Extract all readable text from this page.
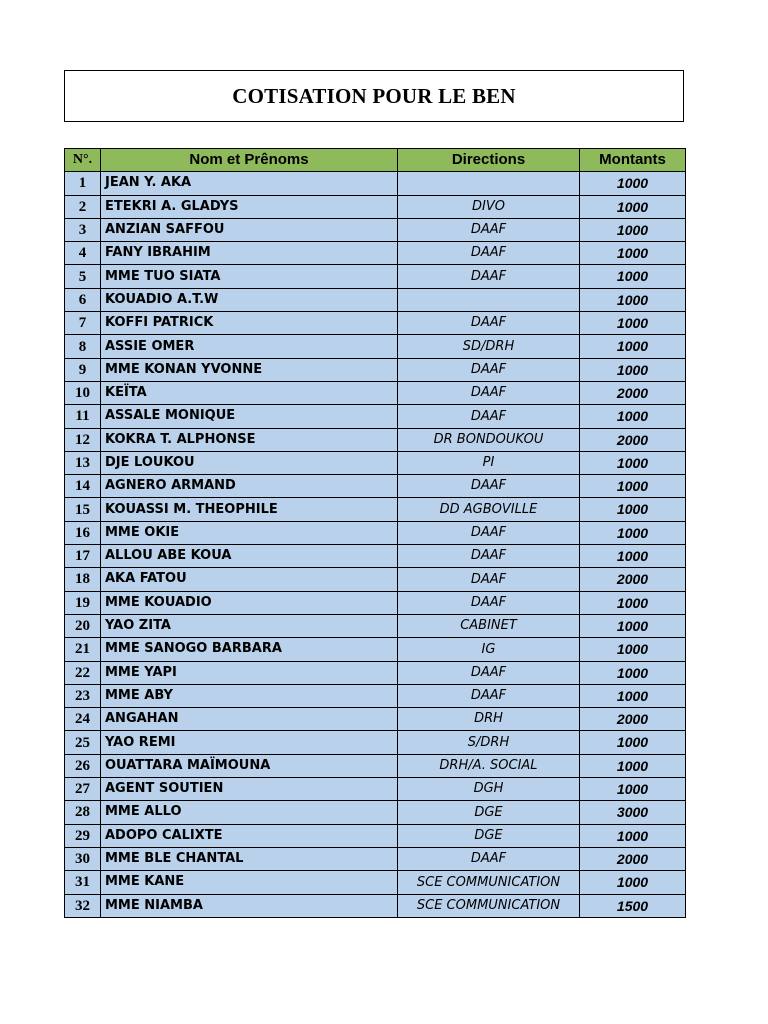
COTISATION POUR LE BEN
N°.	Nom et Prênoms	Directions	Montants
1	JEAN Y. AKA		1000
2	ETEKRI A. GLADYS	DIVO	1000
3	ANZIAN SAFFOU	DAAF	1000
4	FANY IBRAHIM	DAAF	1000
5	MME TUO SIATA	DAAF	1000
6	KOUADIO A.T.W		1000
7	KOFFI PATRICK	DAAF	1000
8	ASSIE OMER	SD/DRH	1000
9	MME KONAN YVONNE	DAAF	1000
10	KEÏTA	DAAF	2000
11	ASSALE MONIQUE	DAAF	1000
12	KOKRA T. ALPHONSE	DR BONDOUKOU	2000
13	DJE LOUKOU	PI	1000
14	AGNERO ARMAND	DAAF	1000
15	KOUASSI M. THEOPHILE	DD AGBOVILLE	1000
16	MME OKIE	DAAF	1000
17	ALLOU ABE KOUA	DAAF	1000
18	AKA FATOU	DAAF	2000
19	MME KOUADIO	DAAF	1000
20	YAO ZITA	CABINET	1000
21	MME SANOGO BARBARA	IG	1000
22	MME YAPI	DAAF	1000
23	MME ABY	DAAF	1000
24	ANGAHAN	DRH	2000
25	YAO REMI	S/DRH	1000
26	OUATTARA MAÏMOUNA	DRH/A. SOCIAL	1000
27	AGENT SOUTIEN	DGH	1000
28	MME ALLO	DGE	3000
29	ADOPO CALIXTE	DGE	1000
30	MME BLE CHANTAL	DAAF	2000
31	MME KANE	SCE COMMUNICATION	1000
32	MME NIAMBA	SCE COMMUNICATION	1500
